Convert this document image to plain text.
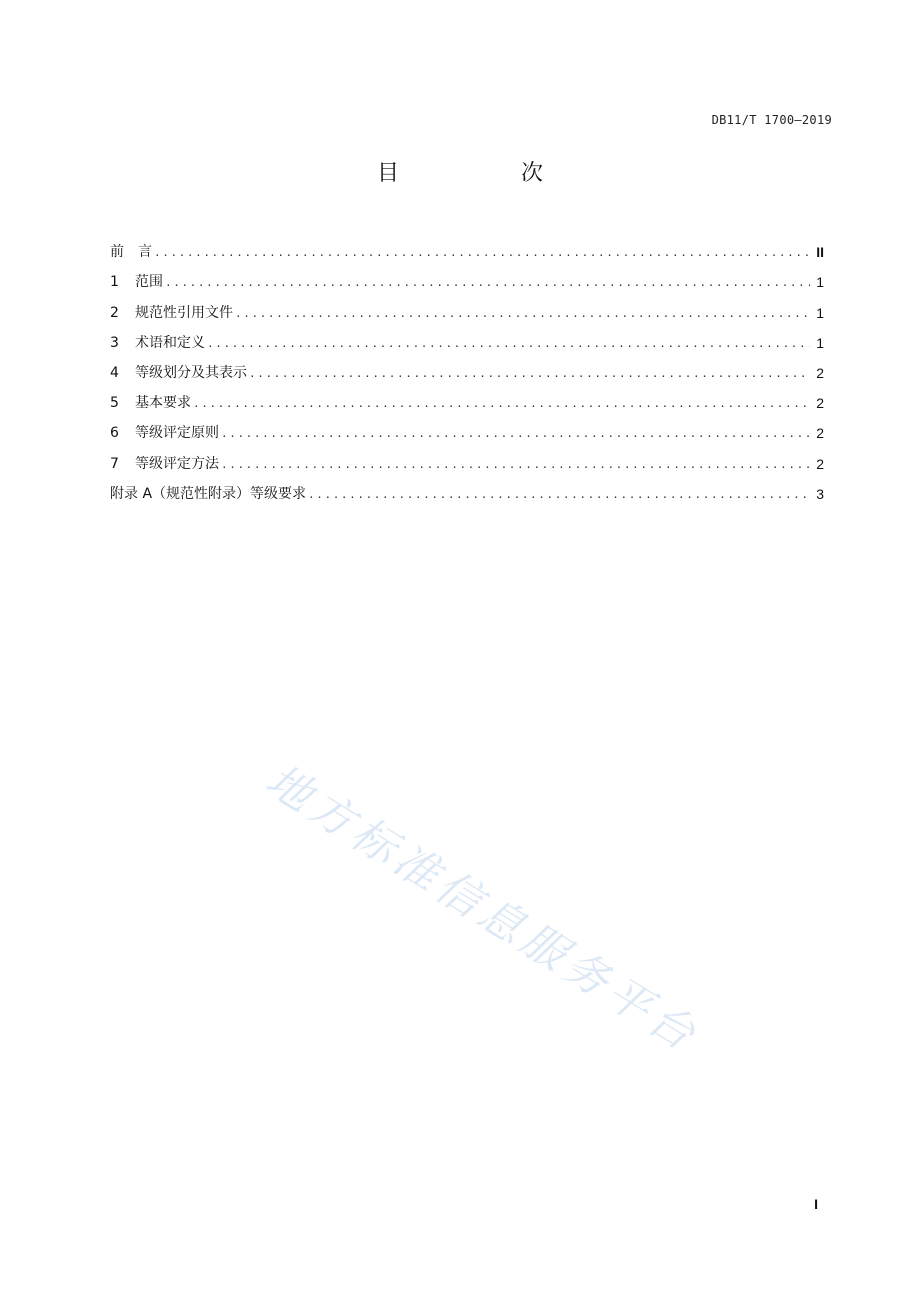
DB11/T 1700—2019
目　次
前　言 .....	II
1	范围 .....	1
2	规范性引用文件 .....	1
3	术语和定义 .....	1
4	等级划分及其表示 .....	2
5	基本要求 .....	2
6	等级评定原则 .....	2
7	等级评定方法 .....	2
附录 A（规范性附录）等级要求 .....	3
地方标准信息服务平台
I
